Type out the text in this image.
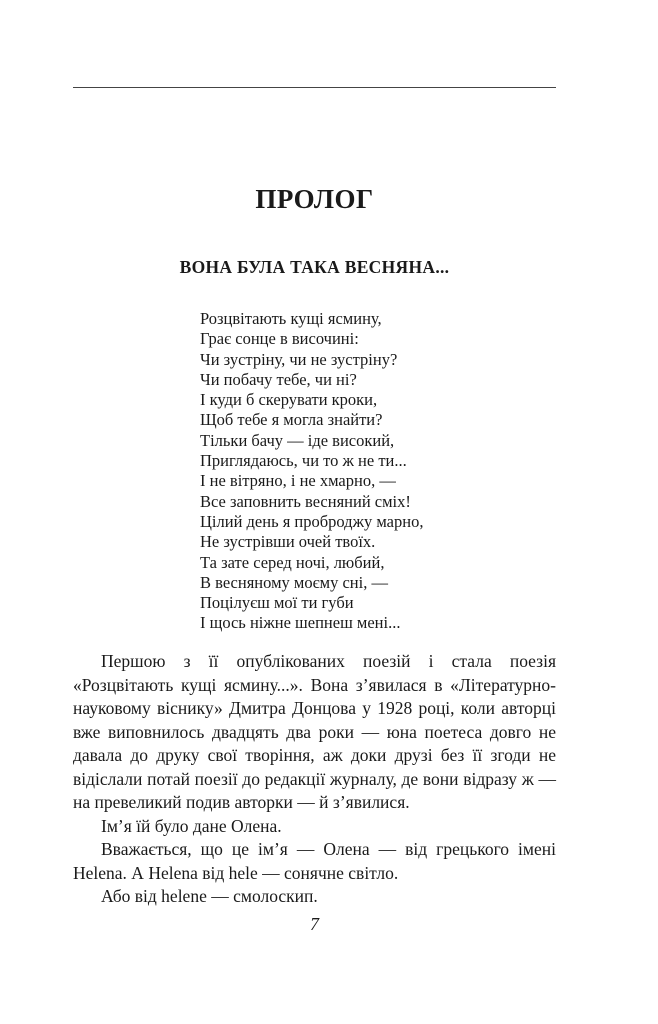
ПРОЛОГ
ВОНА БУЛА ТАКА ВЕСНЯНА...
Розцвітають кущі ясмину,
Грає сонце в височині:
Чи зустріну, чи не зустріну?
Чи побачу тебе, чи ні?
І куди б скерувати кроки,
Щоб тебе я могла знайти?
Тільки бачу — іде високий,
Приглядаюсь, чи то ж не ти...
І не вітряно, і не хмарно, —
Все заповнить весняний сміх!
Цілий день я проброджу марно,
Не зустрівши очей твоїх.
Та зате серед ночі, любий,
В весняному моєму сні, —
Поцілуєш мої ти губи
І щось ніжне шепнеш мені...

Першою з її опублікованих поезій і стала поезія «Розцвітають кущі ясмину...». Вона з’явилася в «Літературно-науковому віснику» Дмитра Донцова у 1928 році, коли авторці вже виповнилось двадцять два роки — юна поетеса довго не давала до друку свої творіння, аж доки друзі без її згоди не відіслали потай поезії до редакції журналу, де вони відразу ж — на превеликий подив авторки — й з’явилися.

Ім’я їй було дане Олена.

Вважається, що це ім’я — Олена — від грецького імені Helena. А Helena від hele — сонячне світло.

Або від helene — смолоскип.

7
